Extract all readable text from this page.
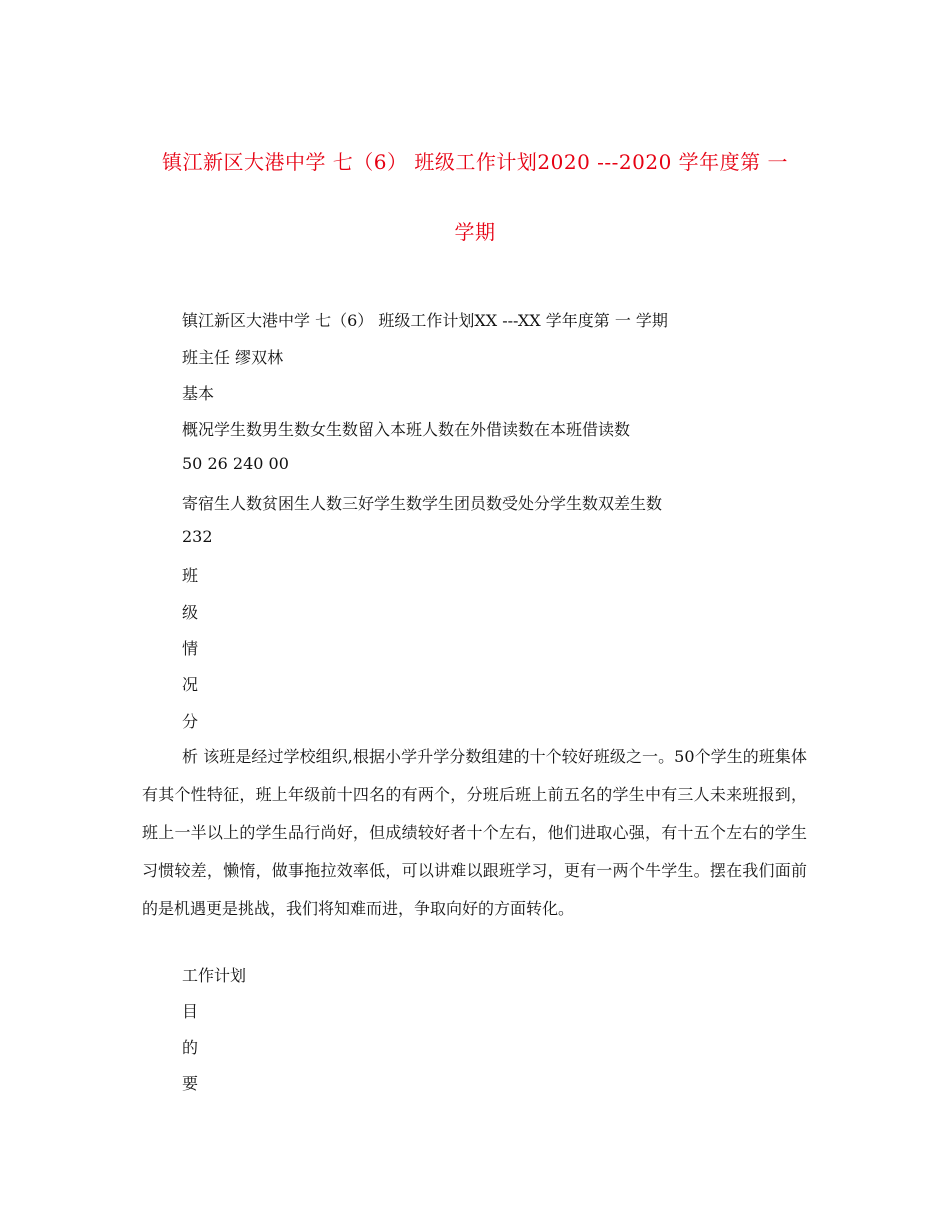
镇江新区大港中学 七（6） 班级工作计划2020 ---2020 学年度第 一
学期
镇江新区大港中学 七（6） 班级工作计划XX ---XX 学年度第 一 学期
班主任 缪双林
基本
概况学生数男生数女生数留入本班人数在外借读数在本班借读数
50 26 240 00
寄宿生人数贫困生人数三好学生数学生团员数受处分学生数双差生数
232
班
级
情
况
分
析 该班是经过学校组织,根据小学升学分数组建的十个较好班级之一。50个学生的班集体有其个性特征，班上年级前十四名的有两个，分班后班上前五名的学生中有三人未来班报到，班上一半以上的学生品行尚好，但成绩较好者十个左右，他们进取心强，有十五个左右的学生习惯较差，懒惰，做事拖拉效率低，可以讲难以跟班学习，更有一两个牛学生。摆在我们面前的是机遇更是挑战，我们将知难而进，争取向好的方面转化。
工作计划
目
的
要
